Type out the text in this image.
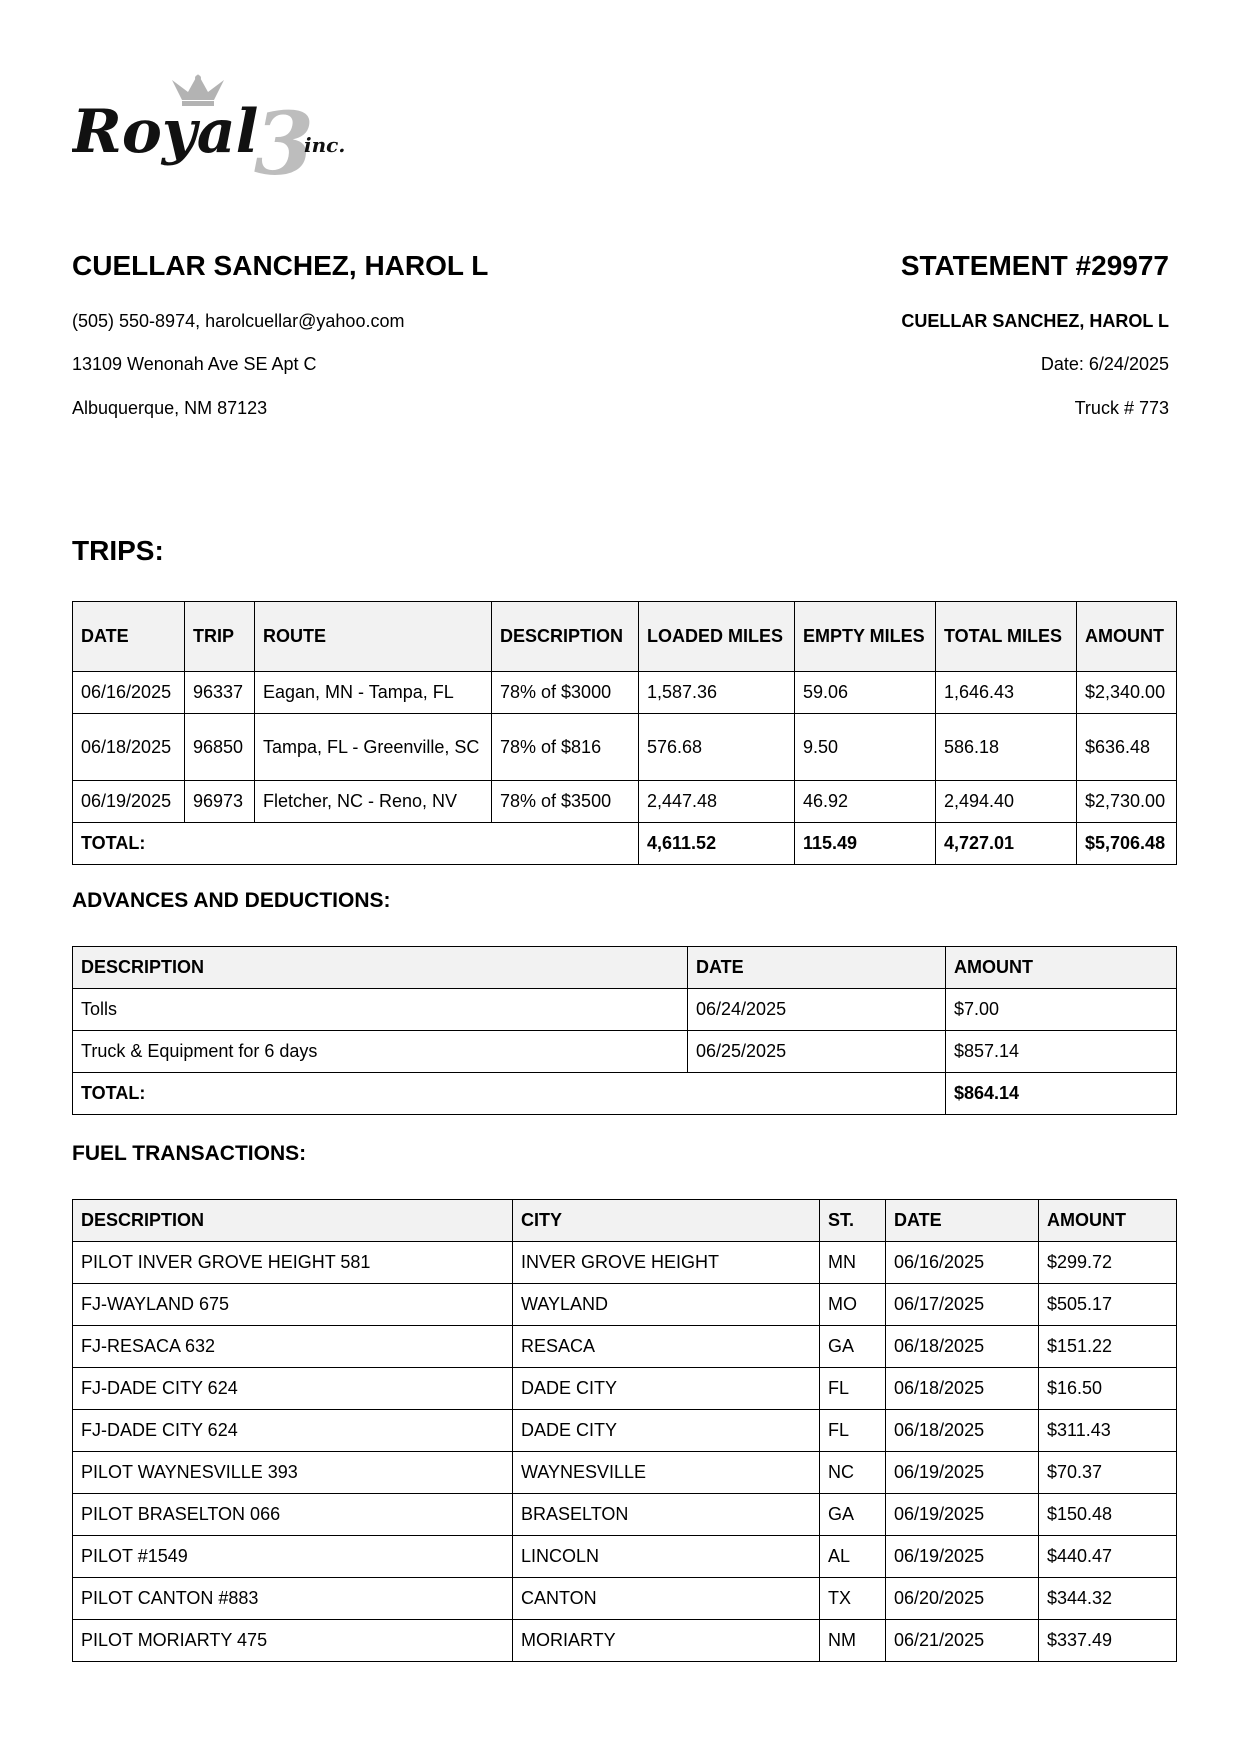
3
Royal inc.
CUELLAR SANCHEZ, HAROL L
(505) 550-8974, harolcuellar@yahoo.com
13109 Wenonah Ave SE Apt C
Albuquerque, NM 87123
STATEMENT #29977
CUELLAR SANCHEZ, HAROL L
Date: 6/24/2025
Truck # 773
TRIPS:
DATE	TRIP	ROUTE	DESCRIPTION	LOADED MILES	EMPTY MILES	TOTAL MILES	AMOUNT
06/16/2025	96337	Eagan, MN - Tampa, FL	78% of $3000	1,587.36	59.06	1,646.43	$2,340.00
06/18/2025	96850	Tampa, FL - Greenville, SC	78% of $816	576.68	9.50	586.18	$636.48
06/19/2025	96973	Fletcher, NC - Reno, NV	78% of $3500	2,447.48	46.92	2,494.40	$2,730.00
TOTAL:				4,611.52	115.49	4,727.01	$5,706.48
ADVANCES AND DEDUCTIONS:
DESCRIPTION	DATE	AMOUNT
Tolls	06/24/2025	$7.00
Truck & Equipment for 6 days	06/25/2025	$857.14
TOTAL:		$864.14
FUEL TRANSACTIONS:
DESCRIPTION	CITY	ST.	DATE	AMOUNT
PILOT INVER GROVE HEIGHT 581	INVER GROVE HEIGHT	MN	06/16/2025	$299.72
FJ-WAYLAND 675	WAYLAND	MO	06/17/2025	$505.17
FJ-RESACA 632	RESACA	GA	06/18/2025	$151.22
FJ-DADE CITY 624	DADE CITY	FL	06/18/2025	$16.50
FJ-DADE CITY 624	DADE CITY	FL	06/18/2025	$311.43
PILOT WAYNESVILLE 393	WAYNESVILLE	NC	06/19/2025	$70.37
PILOT BRASELTON 066	BRASELTON	GA	06/19/2025	$150.48
PILOT #1549	LINCOLN	AL	06/19/2025	$440.47
PILOT CANTON #883	CANTON	TX	06/20/2025	$344.32
PILOT MORIARTY 475	MORIARTY	NM	06/21/2025	$337.49
